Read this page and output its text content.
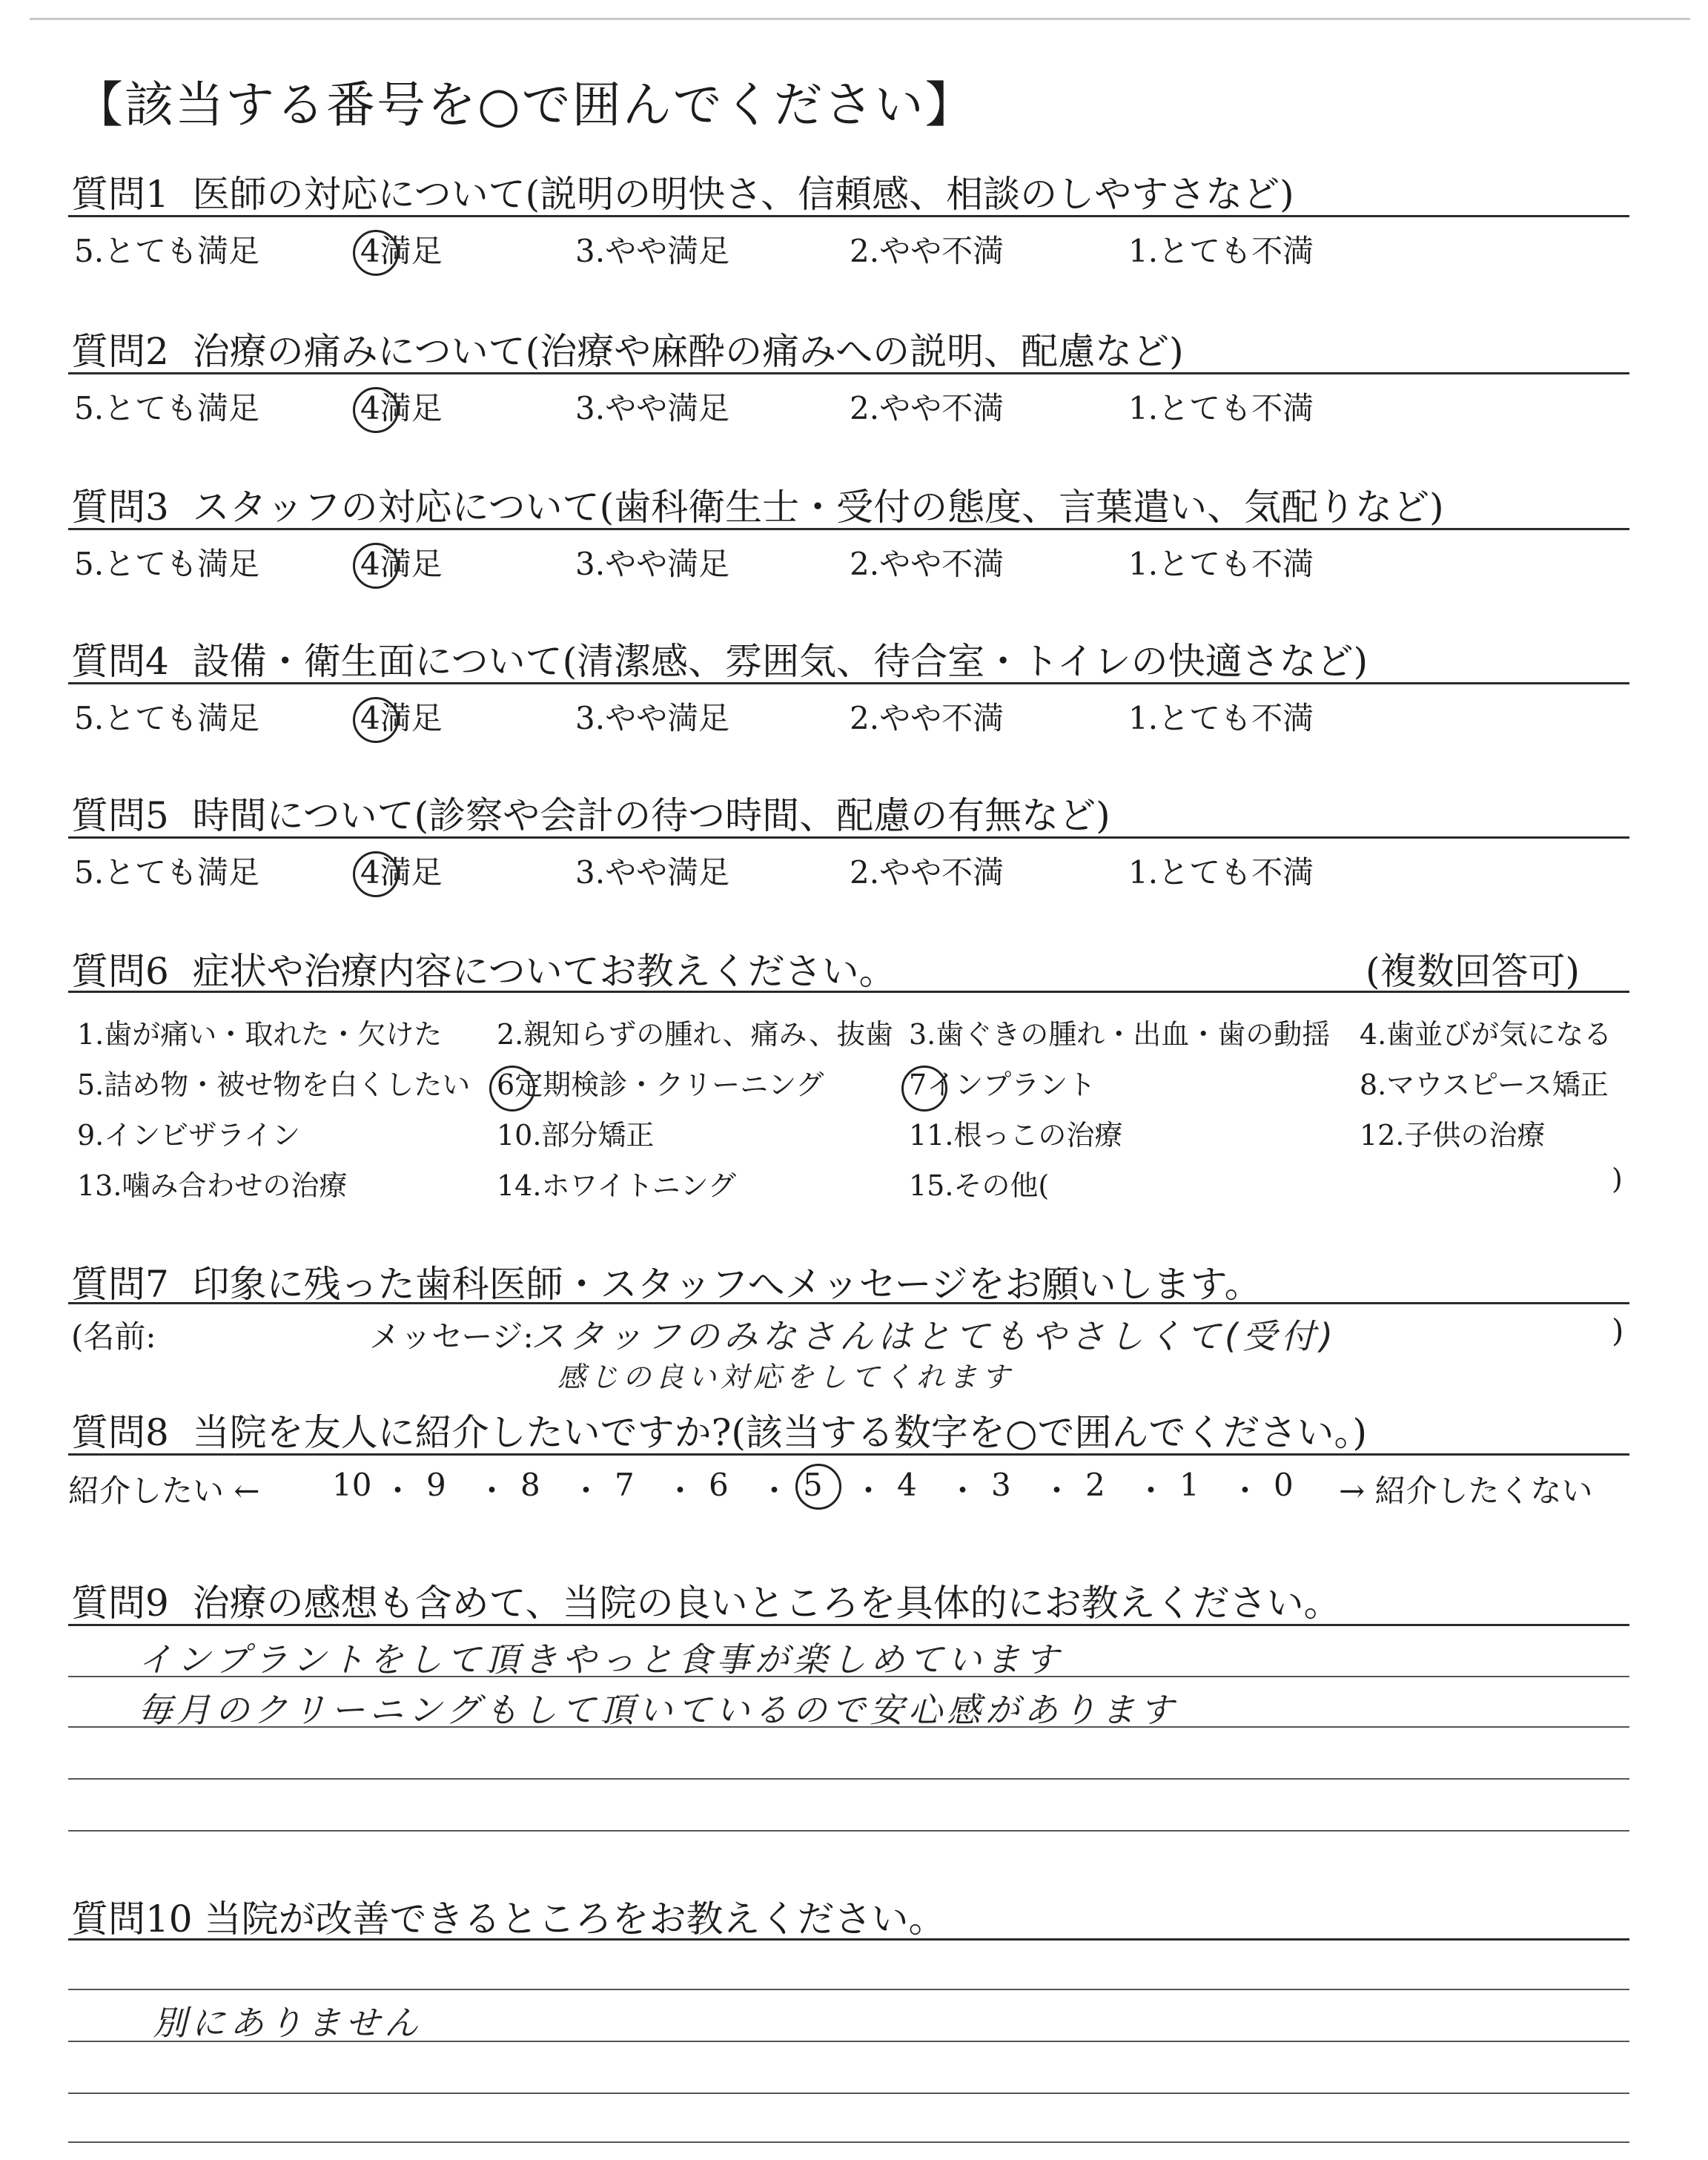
【該当する番号を○で囲んでください】
質問1 医師の対応について(説明の明快さ、信頼感、相談のしやすさなど)
5.とても満足	4満足	3.やや満足	2.やや不満	1.とても不満
質問2 治療の痛みについて(治療や麻酔の痛みへの説明、配慮など)
5.とても満足	4満足	3.やや満足	2.やや不満	1.とても不満
質問3 スタッフの対応について(歯科衛生士・受付の態度、言葉遣い、気配りなど)
5.とても満足	4満足	3.やや満足	2.やや不満	1.とても不満
質問4 設備・衛生面について(清潔感、雰囲気、待合室・トイレの快適さなど)
5.とても満足	4満足	3.やや満足	2.やや不満	1.とても不満
質問5 時間について(診察や会計の待つ時間、配慮の有無など)
5.とても満足	4満足	3.やや満足	2.やや不満	1.とても不満
質問6 症状や治療内容についてお教えください。	(複数回答可)
1.歯が痛い・取れた・欠けた 2.親知らずの腫れ、痛み、抜歯 3.歯ぐきの腫れ・出血・歯の動揺 4.歯並びが気になる
5.詰め物・被せ物を白くしたい 6定期検診・クリーニング	7インプラント	8.マウスピース矯正
9.インビザライン	10.部分矯正	11.根っこの治療	12.子供の治療
13.噛み合わせの治療	14.ホワイトニング	15.その他(	)
質問7 印象に残った歯科医師・スタッフへメッセージをお願いします。
(名前:	メッセージ:
スタッフのみなさんはとてもやさしくて(受付)
感じの良い対応をしてくれます
)
質問8 当院を友人に紹介したいですか?(該当する数字を○で囲んでください。)
紹介したい ← 10 ・ 9 ・ 8 ・ 7 ・ 6 ・ 5 ・ 4 ・ 3 ・ 2 ・ 1 ・ 0 → 紹介したくない
質問9 治療の感想も含めて、当院の良いところを具体的にお教えください。
インプラントをして頂きやっと食事が楽しめています
毎月のクリーニングもして頂いているので安心感があります
質問10 当院が改善できるところをお教えください。
別にありません
